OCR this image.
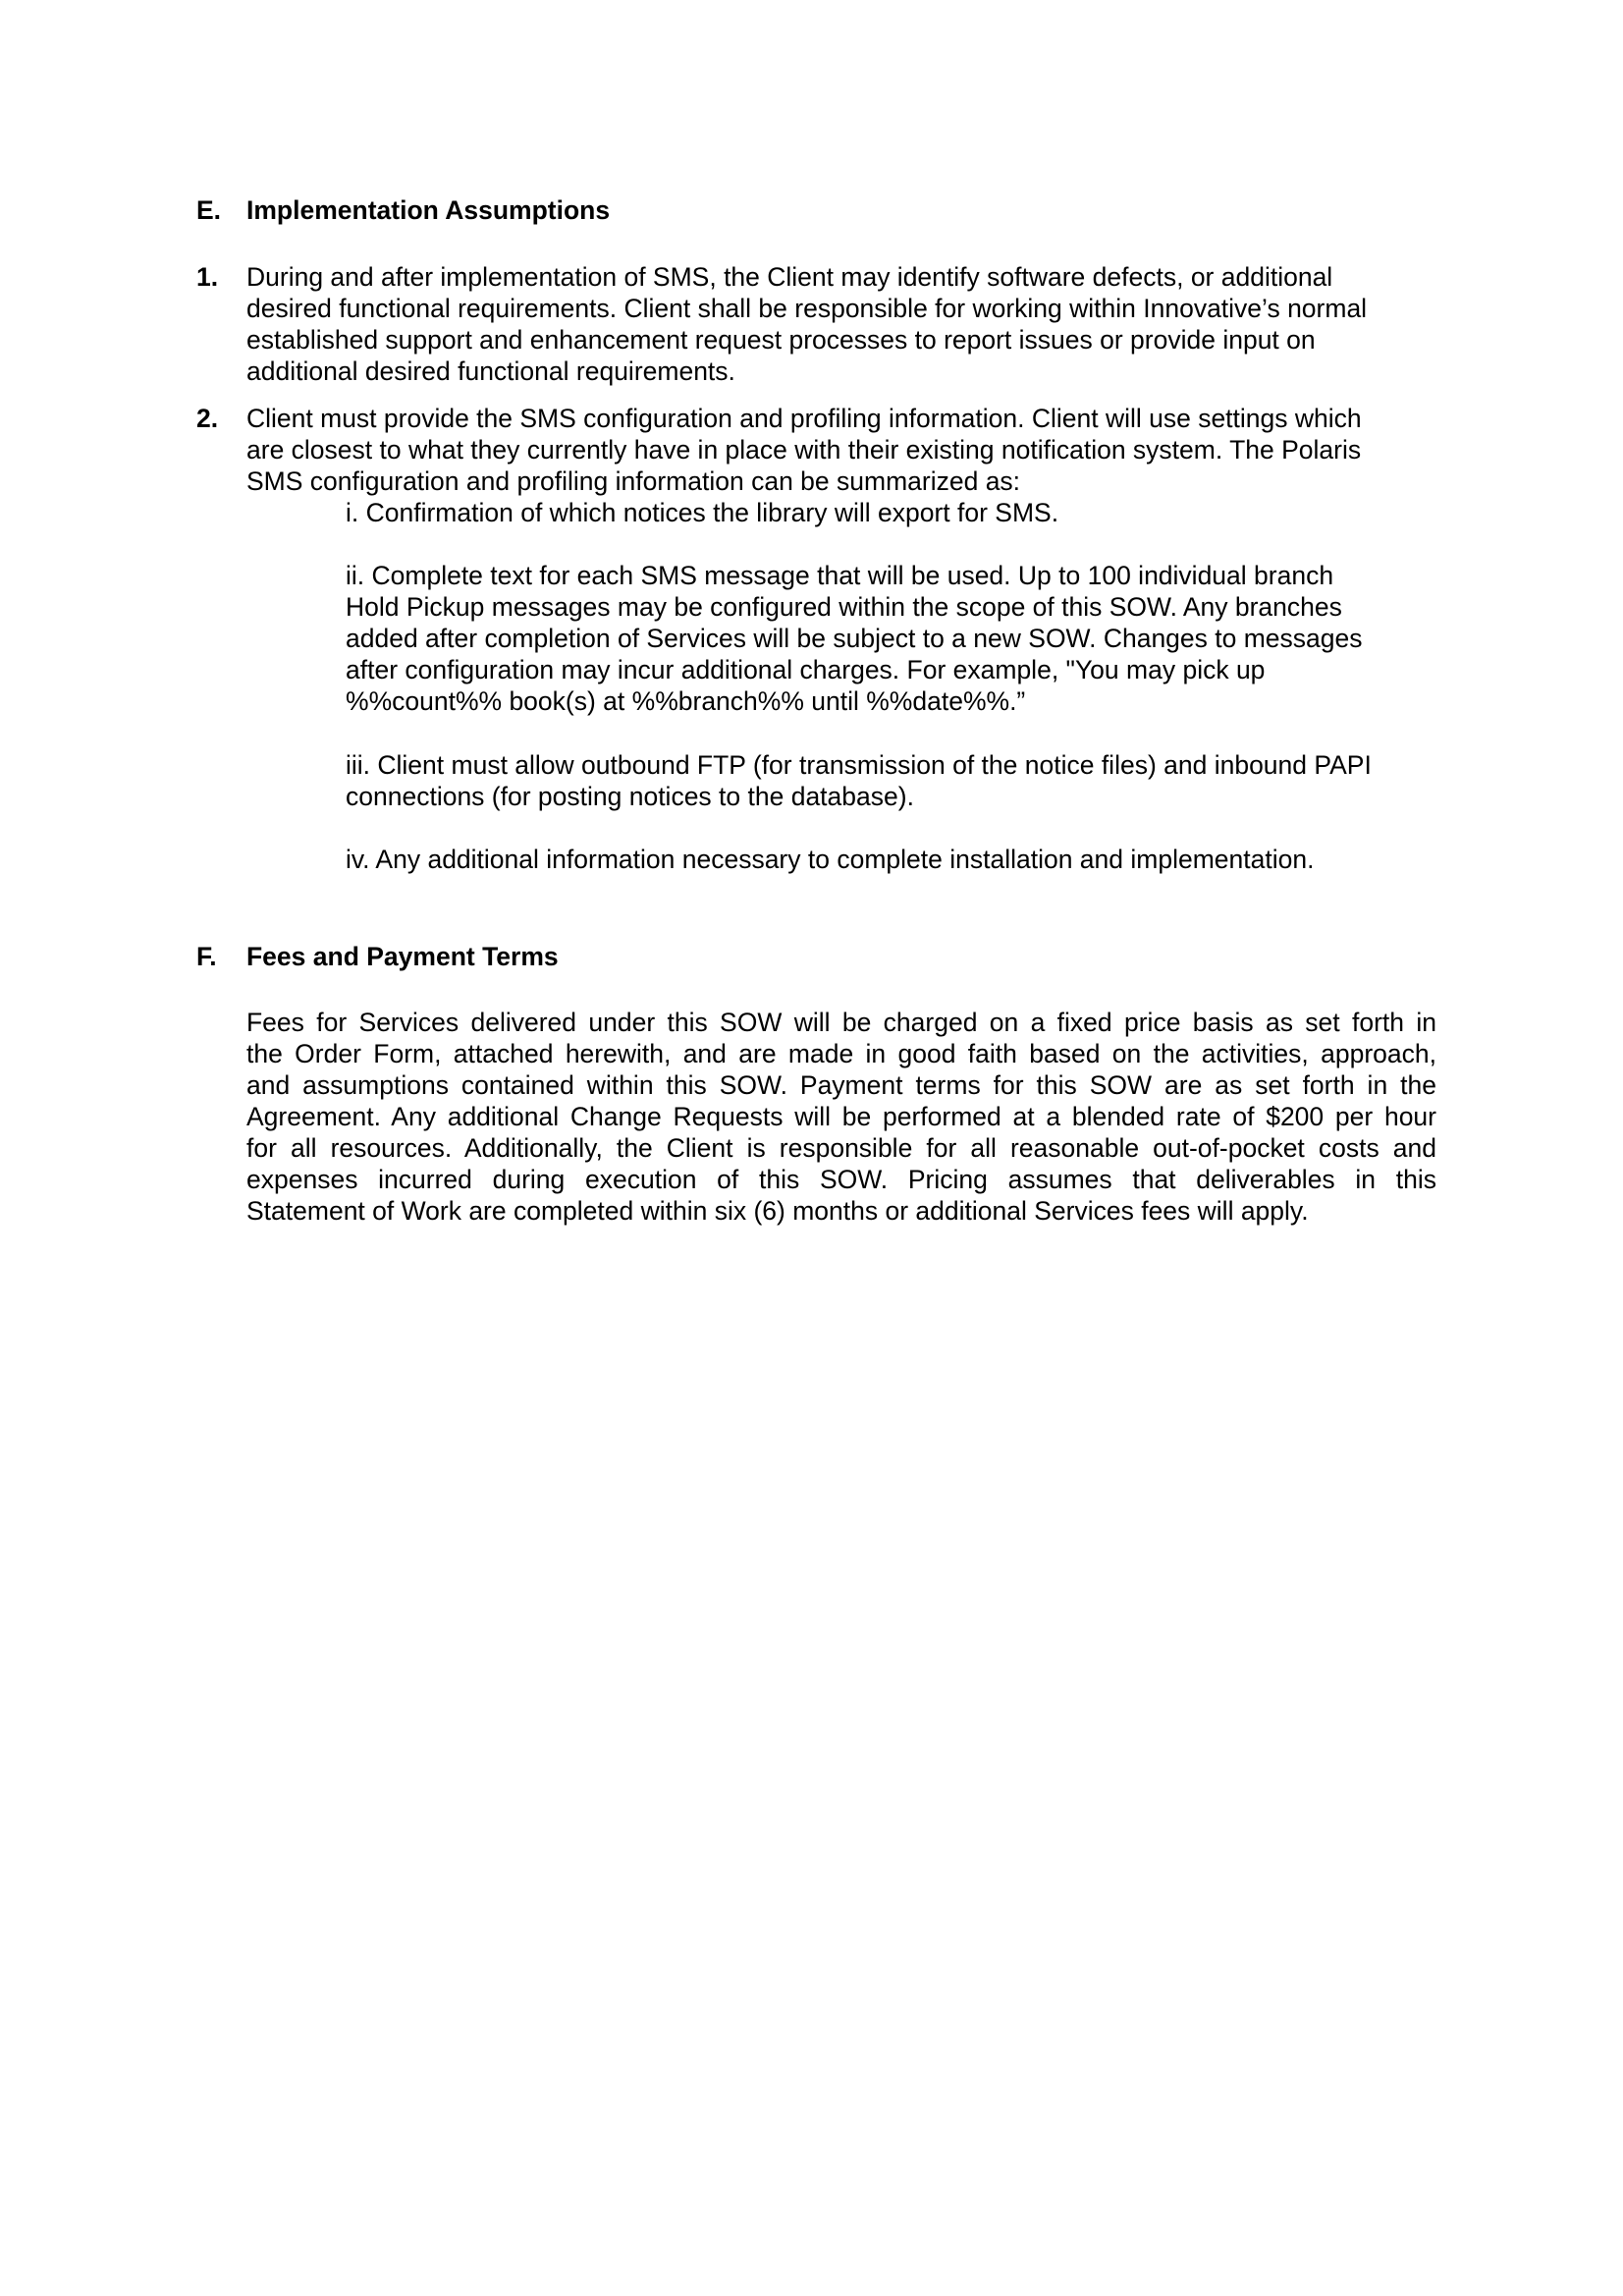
E. Implementation Assumptions
1. During and after implementation of SMS, the Client may identify software defects, or additional
desired functional requirements. Client shall be responsible for working within Innovative’s normal
established support and enhancement request processes to report issues or provide input on
additional desired functional requirements.
2. Client must provide the SMS configuration and profiling information. Client will use settings which
are closest to what they currently have in place with their existing notification system. The Polaris
SMS configuration and profiling information can be summarized as:
i. Confirmation of which notices the library will export for SMS.
ii. Complete text for each SMS message that will be used. Up to 100 individual branch
Hold Pickup messages may be configured within the scope of this SOW. Any branches
added after completion of Services will be subject to a new SOW. Changes to messages
after configuration may incur additional charges. For example, "You may pick up
%%count%% book(s) at %%branch%% until %%date%%.”
iii. Client must allow outbound FTP (for transmission of the notice files) and inbound PAPI
connections (for posting notices to the database).
iv. Any additional information necessary to complete installation and implementation.
F. Fees and Payment Terms
Fees for Services delivered under this SOW will be charged on a fixed price basis as set forth in
the Order Form, attached herewith, and are made in good faith based on the activities, approach,
and assumptions contained within this SOW. Payment terms for this SOW are as set forth in the
Agreement. Any additional Change Requests will be performed at a blended rate of $200 per hour
for all resources. Additionally, the Client is responsible for all reasonable out-of-pocket costs and
expenses incurred during execution of this SOW. Pricing assumes that deliverables in this
Statement of Work are completed within six (6) months or additional Services fees will apply.
